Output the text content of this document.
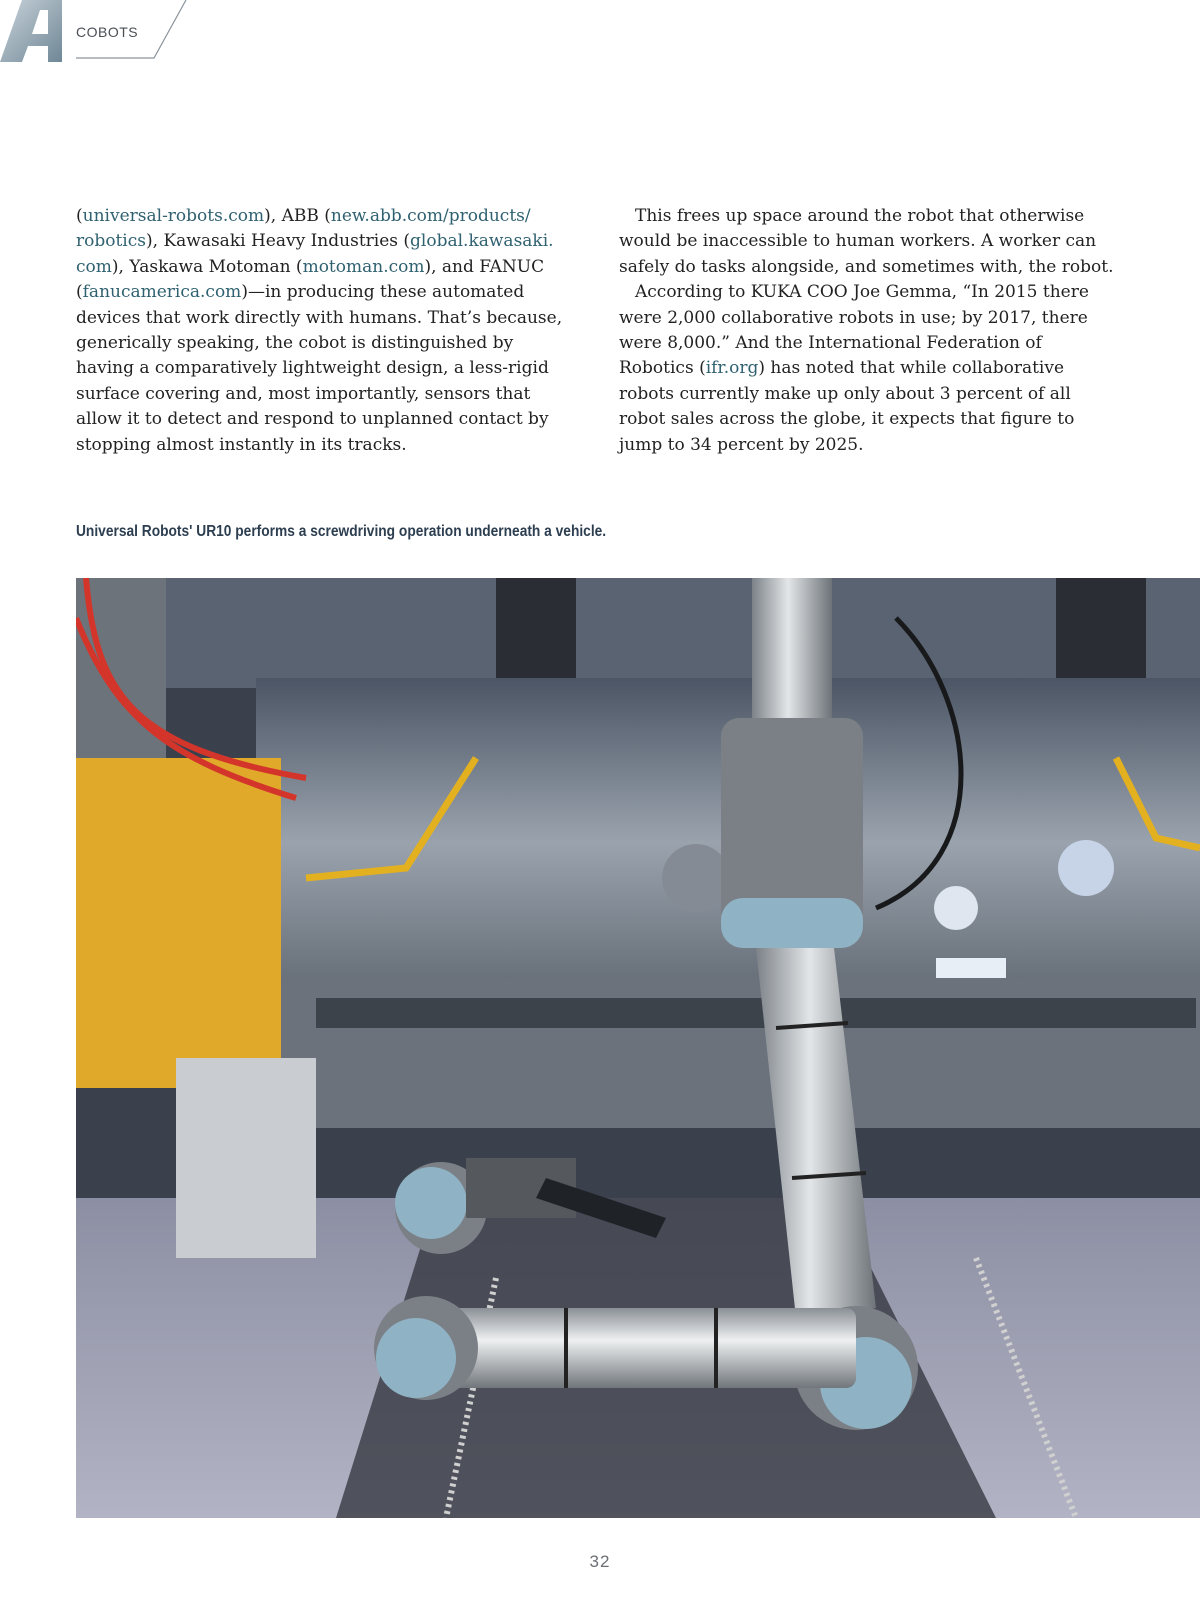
COBOTS

(universal-robots.com), ABB (new.abb.com/products/ robotics), Kawasaki Heavy Industries (global.kawasaki. com), Yaskawa Motoman (motoman.com), and FANUC (fanucamerica.com)—in producing these automated devices that work directly with humans. That’s because, generically speaking, the cobot is distinguished by having a comparatively lightweight design, a less-rigid surface covering and, most importantly, sensors that allow it to detect and respond to unplanned contact by stopping almost instantly in its tracks.

This frees up space around the robot that otherwise would be inaccessible to human workers. A worker can safely do tasks alongside, and sometimes with, the robot.

According to KUKA COO Joe Gemma, “In 2015 there were 2,000 collaborative robots in use; by 2017, there were 8,000.” And the International Federation of Robotics (ifr.org) has noted that while collaborative robots currently make up only about 3 percent of all robot sales across the globe, it expects that figure to jump to 34 percent by 2025.

Universal Robots' UR10 performs a screwdriving operation underneath a vehicle.
32
